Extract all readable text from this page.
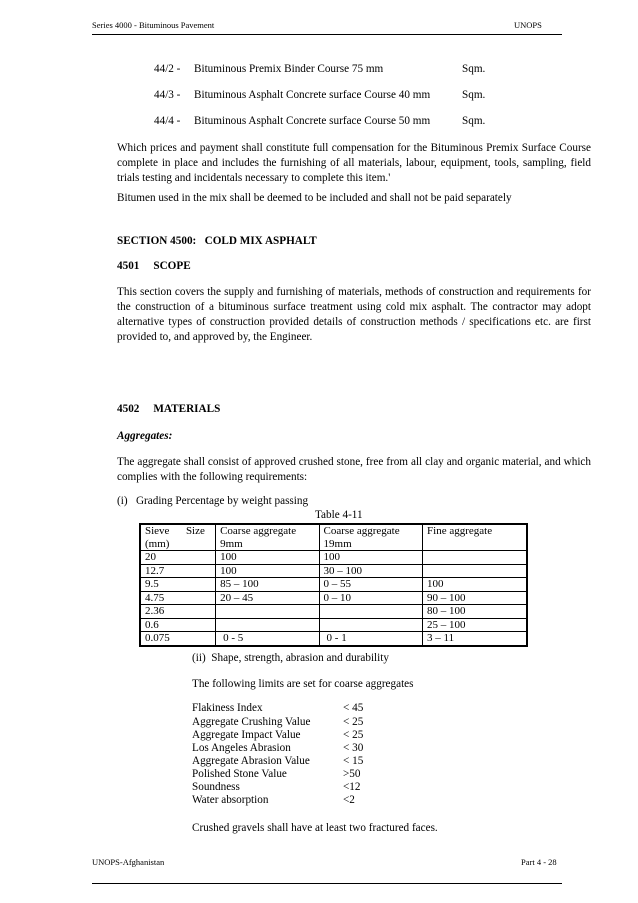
Series 4000 - Bituminous Pavement	UNOPS
44/2 - Bituminous Premix Binder Course 75 mm	Sqm.
44/3 - Bituminous Asphalt Concrete surface Course 40 mm	Sqm.
44/4 - Bituminous Asphalt Concrete surface Course 50 mm	Sqm.
Which prices and payment shall constitute full compensation for the Bituminous Premix Surface Course complete in place and includes the furnishing of all materials, labour, equipment, tools, sampling, field trials testing and incidentals necessary to complete this item.'
Bitumen used in the mix shall be deemed to be included and shall not be paid separately
SECTION 4500:   COLD MIX ASPHALT
4501     SCOPE
This section covers the supply and furnishing of materials, methods of construction and requirements for the construction of a bituminous surface treatment using cold mix asphalt. The contractor may adopt alternative types of construction provided details of construction methods / specifications etc. are first provided to, and approved by, the Engineer.
4502     MATERIALS
Aggregates:
The aggregate shall consist of approved crushed stone, free from all clay and organic material, and which complies with the following requirements:
(i)   Grading Percentage by weight passing
Table 4-11
Sieve      Size (mm)	Coarse aggregate 9mm	Coarse aggregate 19mm	Fine aggregate
20	100	100	
12.7	100	30 – 100	
9.5	85 – 100	0 – 55	100
4.75	20 – 45	0 – 10	90 – 100
2.36			80 – 100
0.6			25 – 100
0.075	0 - 5	0 - 1	3 – 11
(ii)  Shape, strength, abrasion and durability
The following limits are set for coarse aggregates
Flakiness Index	< 45
Aggregate Crushing Value	< 25
Aggregate Impact Value	< 25
Los Angeles Abrasion	< 30
Aggregate Abrasion Value	< 15
Polished Stone Value	>50
Soundness	<12
Water absorption	<2
Crushed gravels shall have at least two fractured faces.
UNOPS-Afghanistan	Part 4 - 28
